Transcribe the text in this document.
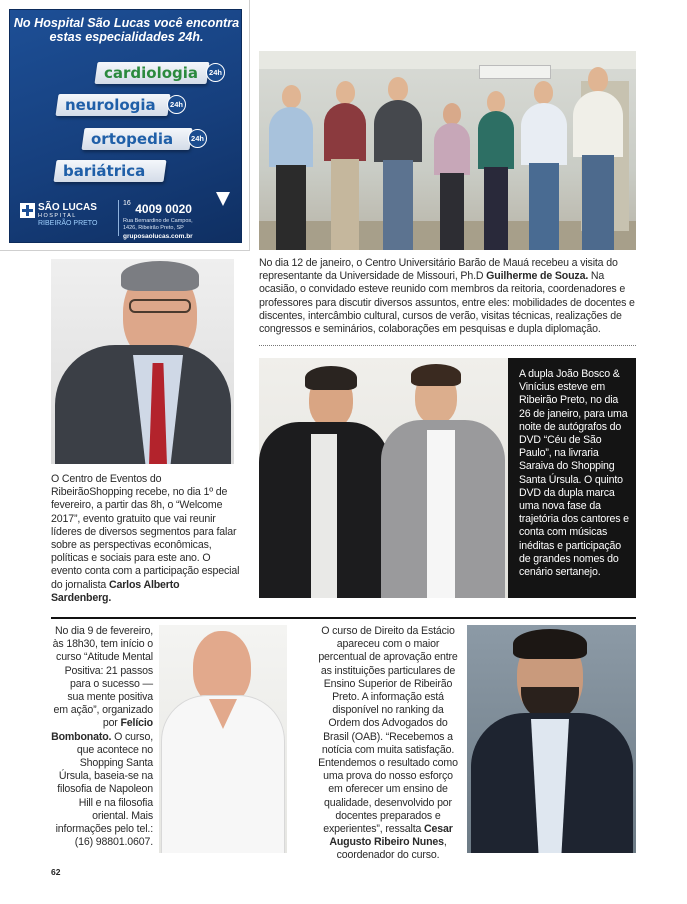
No Hospital São Lucas você encontra estas especialidades 24h.
cardiologia	24h
neurologia	24h
ortopedia	24h
bariátrica
SÃO LUCAS
HOSPITAL
RIBEIRÃO PRETO
$^{16}$ 4009 0020
Rua Bernardino de Campos,
1426, Ribeirão Preto, SP
gruposaolucas.com.br
No dia 12 de janeiro, o Centro Universitário Barão de Mauá recebeu a visita do representante da Universidade de Missouri, Ph.D Guilherme de Souza. Na ocasião, o convidado esteve reunido com membros da reitoria, coordenadores e professores para discutir diversos assuntos, entre eles: mobilidades de docentes e discentes, intercâmbio cultural, cursos de verão, visitas técnicas, realizações de congressos e seminários, colaborações em pesquisas e dupla diplomação.
O Centro de Eventos do RibeirãoShopping recebe, no dia 1º de fevereiro, a partir das 8h, o “Welcome 2017”, evento gratuito que vai reunir líderes de diversos segmentos para falar sobre as perspectivas econômicas, políticas e sociais para este ano. O evento conta com a participação especial do jornalista Carlos Alberto Sardenberg.
A dupla João Bosco & Vinícius esteve em Ribeirão Preto, no dia 26 de janeiro, para uma noite de autógrafos do DVD “Céu de São Paulo”, na livraria Saraiva do Shopping Santa Úrsula. O quinto DVD da dupla marca uma nova fase da trajetória dos cantores e conta com músicas inéditas e participação de grandes nomes do cenário sertanejo.
No dia 9 de fevereiro, às 18h30, tem início o curso “Atitude Mental Positiva: 21 passos para o sucesso — sua mente positiva em ação”, organizado por Felício Bombonato. O curso, que acontece no Shopping Santa Úrsula, baseia-se na filosofia de Napoleon Hill e na filosofia oriental. Mais informações pelo tel.: (16) 98801.0607.
O curso de Direito da Estácio apareceu com o maior percentual de aprovação entre as instituições particulares de Ensino Superior de Ribeirão Preto. A informação está disponível no ranking da Ordem dos Advogados do Brasil (OAB). “Recebemos a notícia com muita satisfação. Entendemos o resultado como uma prova do nosso esforço em oferecer um ensino de qualidade, desenvolvido por docentes preparados e experientes”, ressalta Cesar Augusto Ribeiro Nunes, coordenador do curso.
62
